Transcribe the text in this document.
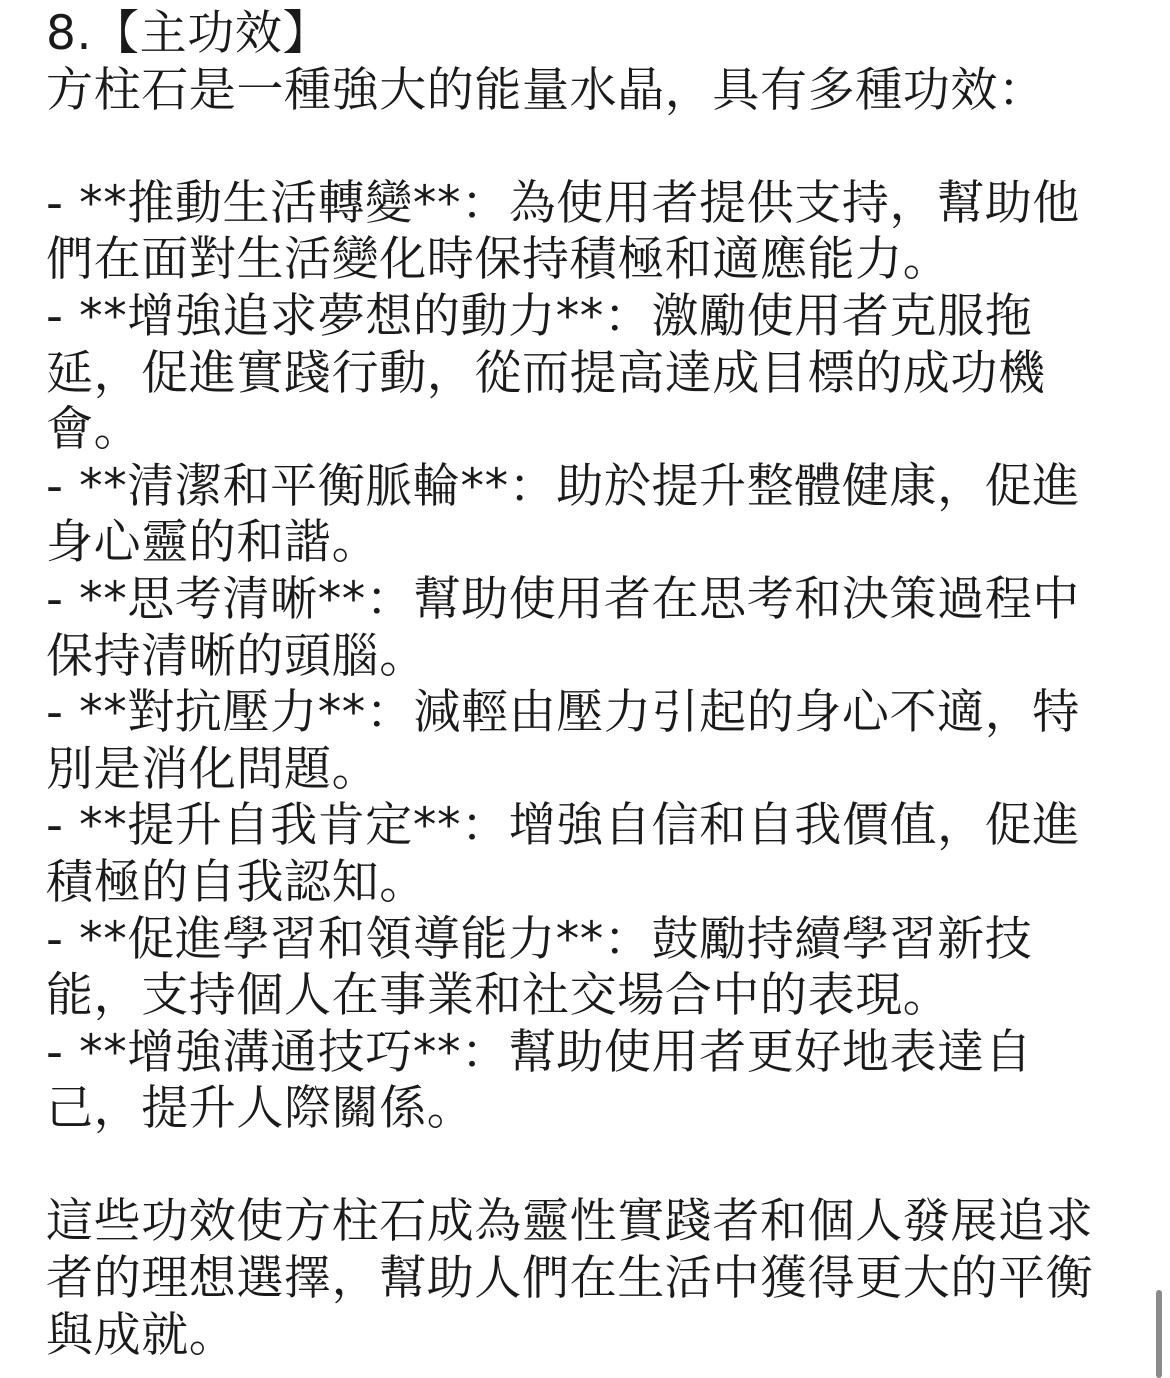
8.【主功效】
方柱石是一種強大的能量水晶，具有多種功效：
- **推動生活轉變**：為使用者提供支持，幫助他
們在面對生活變化時保持積極和適應能力。
- **增強追求夢想的動力**：激勵使用者克服拖
延，促進實踐行動，從而提高達成目標的成功機
會。
- **清潔和平衡脈輪**：助於提升整體健康，促進
身心靈的和諧。
- **思考清晰**：幫助使用者在思考和決策過程中
保持清晰的頭腦。
- **對抗壓力**：減輕由壓力引起的身心不適，特
別是消化問題。
- **提升自我肯定**：增強自信和自我價值，促進
積極的自我認知。
- **促進學習和領導能力**：鼓勵持續學習新技
能，支持個人在事業和社交場合中的表現。
- **增強溝通技巧**：幫助使用者更好地表達自
己，提升人際關係。
這些功效使方柱石成為靈性實踐者和個人發展追求
者的理想選擇，幫助人們在生活中獲得更大的平衡
與成就。
